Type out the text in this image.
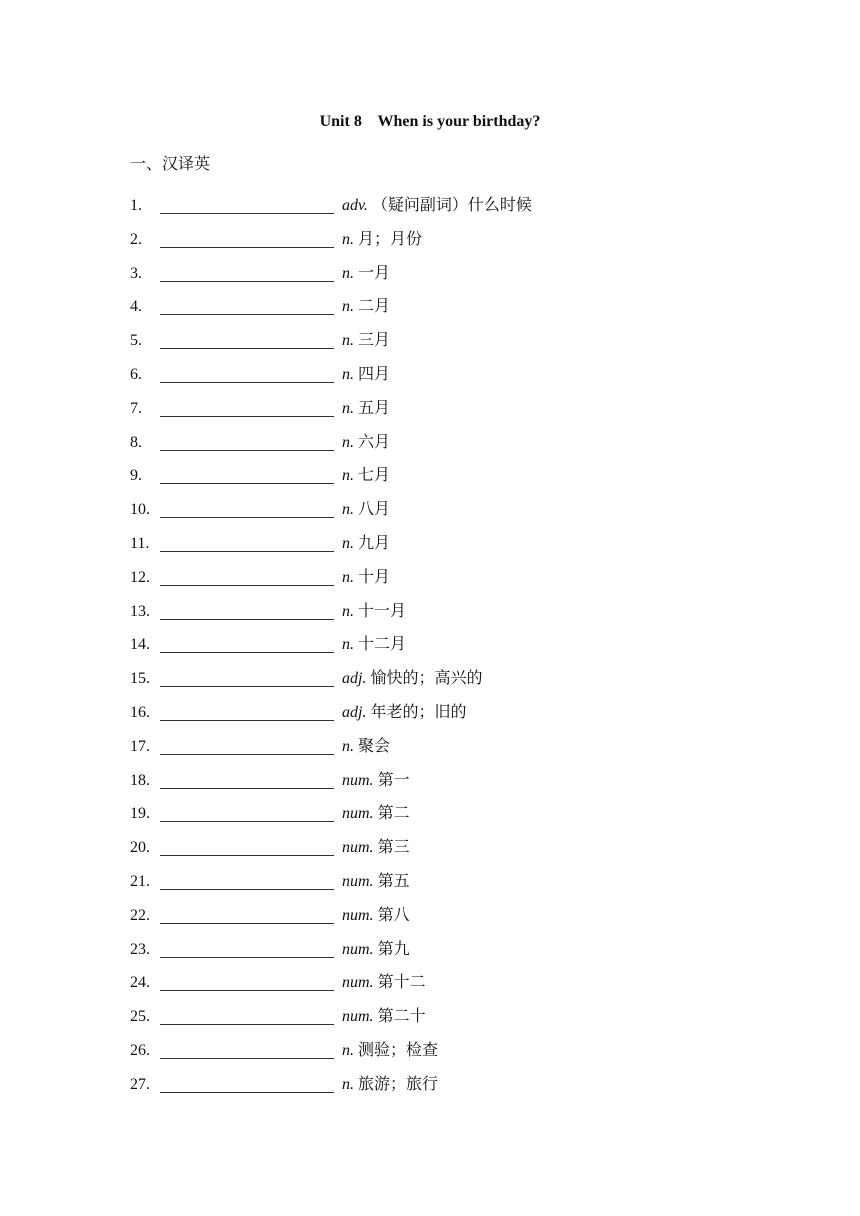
Unit 8    When is your birthday?
一、汉译英
1.	adv.
（疑问副词）什么时候
2.	n.
月；月份
3.	n.
一月
4.	n.
二月
5.	n.
三月
6.	n.
四月
7.	n.
五月
8.	n.
六月
9.	n.
七月
10.	n.
八月
11.	n.
九月
12.	n.
十月
13.	n.
十一月
14.	n.
十二月
15.	adj.
愉快的；高兴的
16.	adj.
年老的；旧的
17.	n.
聚会
18.	num.
第一
19.	num.
第二
20.	num.
第三
21.	num.
第五
22.	num.
第八
23.	num.
第九
24.	num.
第十二
25.	num.
第二十
26.	n.
测验；检查
27.	n.
旅游；旅行
